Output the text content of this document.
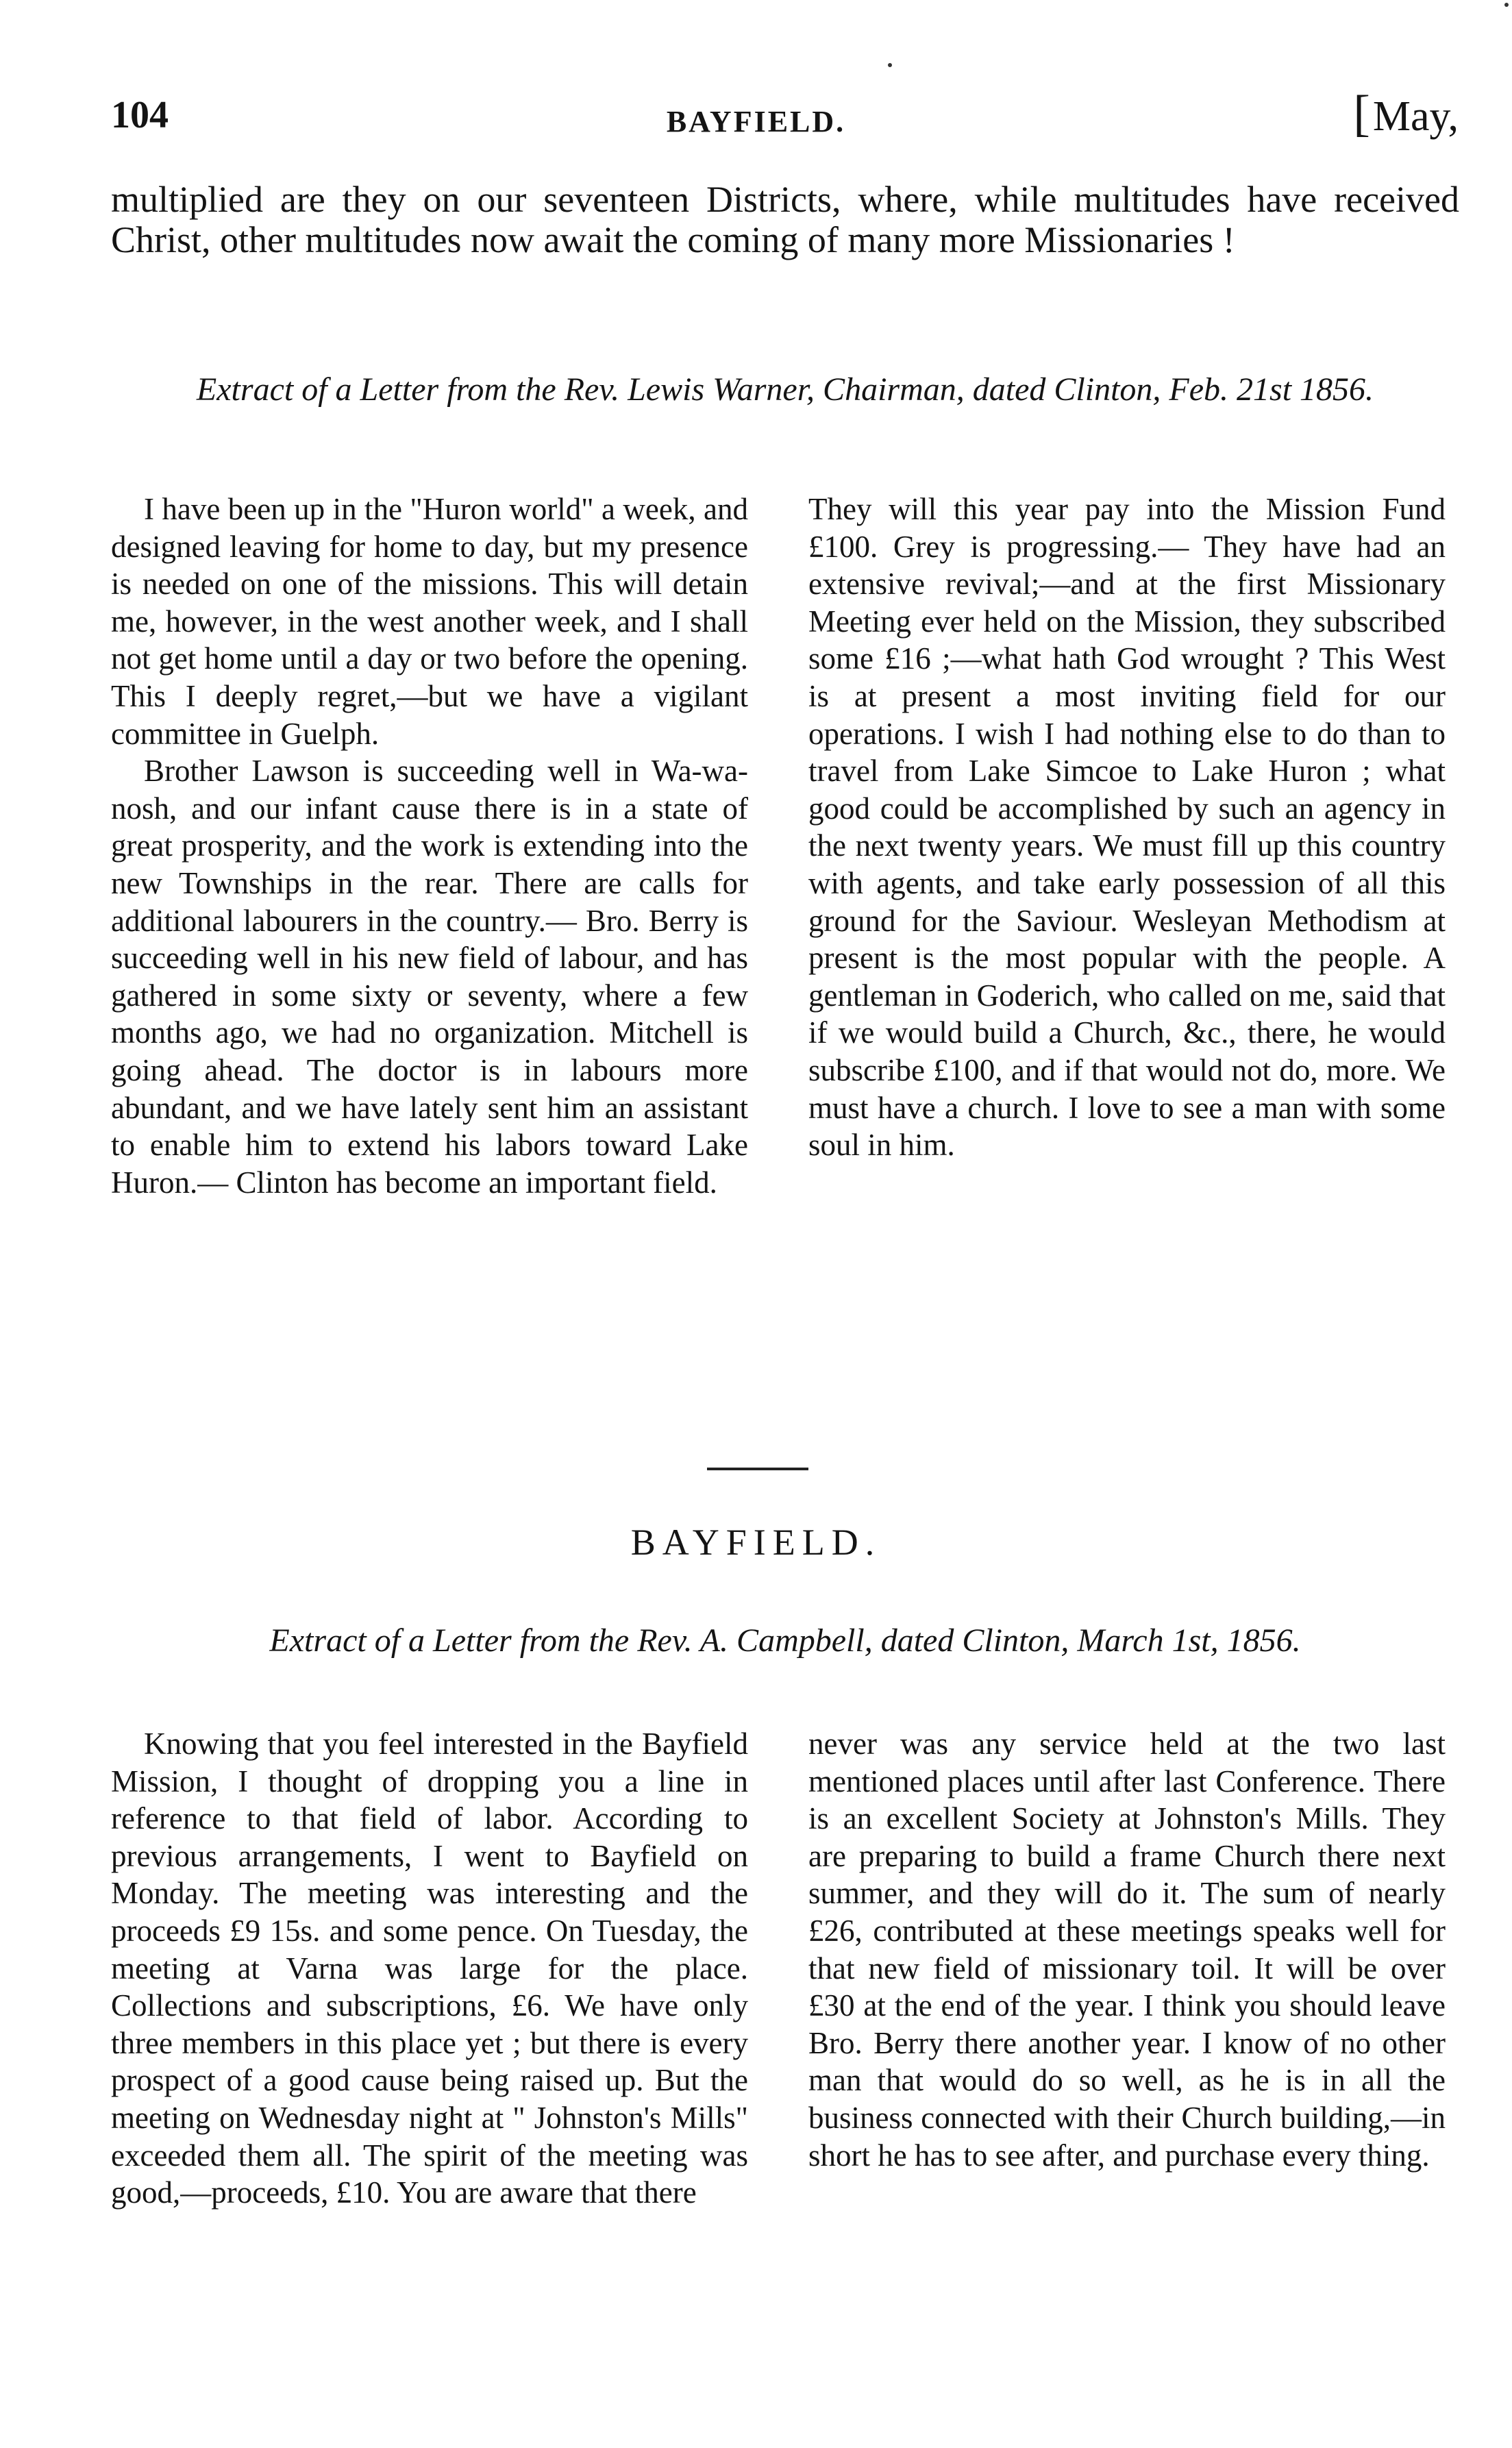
104	BAYFIELD.	[May,
multiplied are they on our seventeen Districts, where, while multitudes have received Christ, other multitudes now await the coming of many more Missionaries !
Extract of a Letter from the Rev. Lewis Warner, Chairman, dated Clinton, Feb. 21st 1856.

I have been up in the "Huron world" a week, and designed leaving for home to day, but my presence is needed on one of the missions. This will detain me, however, in the west another week, and I shall not get home until a day or two before the opening. This I deeply regret,—but we have a vigilant committee in Guelph.

Brother Lawson is succeeding well in Wa-wa-nosh, and our infant cause there is in a state of great prosperity, and the work is extending into the new Townships in the rear. There are calls for additional labourers in the country.— Bro. Berry is succeeding well in his new field of labour, and has gathered in some sixty or seventy, where a few months ago, we had no organization. Mitchell is going ahead. The doctor is in labours more abundant, and we have lately sent him an assistant to enable him to extend his labors toward Lake Huron.— Clinton has become an important field.

They will this year pay into the Mission Fund £100. Grey is progressing.— They have had an extensive revival;—and at the first Missionary Meeting ever held on the Mission, they subscribed some £16 ;—what hath God wrought ? This West is at present a most inviting field for our operations. I wish I had nothing else to do than to travel from Lake Simcoe to Lake Huron ; what good could be accomplished by such an agency in the next twenty years. We must fill up this country with agents, and take early possession of all this ground for the Saviour. Wesleyan Methodism at present is the most popular with the people. A gentleman in Goderich, who called on me, said that if we would build a Church, &c., there, he would subscribe £100, and if that would not do, more. We must have a church. I love to see a man with some soul in him.

BAYFIELD.
Extract of a Letter from the Rev. A. Campbell, dated Clinton, March 1st, 1856.

Knowing that you feel interested in the Bayfield Mission, I thought of dropping you a line in reference to that field of labor. According to previous arrangements, I went to Bayfield on Monday. The meeting was interesting and the proceeds £9 15s. and some pence. On Tuesday, the meeting at Varna was large for the place. Collections and subscriptions, £6. We have only three members in this place yet ; but there is every prospect of a good cause being raised up. But the meeting on Wednesday night at " Johnston's Mills" exceeded them all. The spirit of the meeting was good,—proceeds, £10. You are aware that there

never was any service held at the two last mentioned places until after last Conference. There is an excellent Society at Johnston's Mills. They are preparing to build a frame Church there next summer, and they will do it. The sum of nearly £26, contributed at these meetings speaks well for that new field of missionary toil. It will be over £30 at the end of the year. I think you should leave Bro. Berry there another year. I know of no other man that would do so well, as he is in all the business connected with their Church building,—in short he has to see after, and purchase every thing.
